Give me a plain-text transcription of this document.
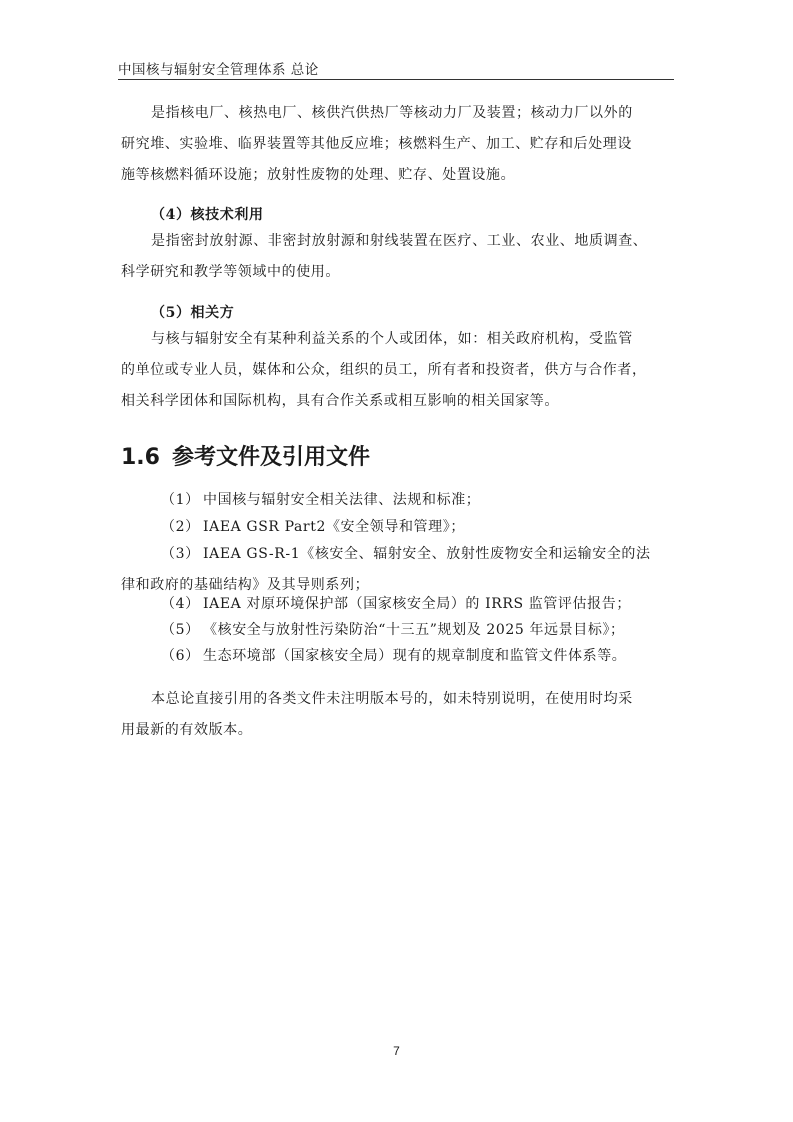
中国核与辐射安全管理体系 总论

是指核电厂、核热电厂、核供汽供热厂等核动力厂及装置；核动力厂以外的
研究堆、实验堆、临界装置等其他反应堆；核燃料生产、加工、贮存和后处理设
施等核燃料循环设施；放射性废物的处理、贮存、处置设施。

（4）核技术利用

是指密封放射源、非密封放射源和射线装置在医疗、工业、农业、地质调查、
科学研究和教学等领域中的使用。

（5）相关方

与核与辐射安全有某种利益关系的个人或团体，如：相关政府机构，受监管
的单位或专业人员，媒体和公众，组织的员工，所有者和投资者，供方与合作者，
相关科学团体和国际机构，具有合作关系或相互影响的相关国家等。

1.6 参考文件及引用文件
（1） 中国核与辐射安全相关法律、法规和标准；
（2） IAEA GSR Part2《安全领导和管理》；
（3） IAEA GS-R-1《核安全、辐射安全、放射性废物安全和运输安全的法
律和政府的基础结构》及其导则系列；
（4） IAEA 对原环境保护部（国家核安全局）的 IRRS 监管评估报告；
（5） 《核安全与放射性污染防治“十三五”规划及 2025 年远景目标》；
（6） 生态环境部（国家核安全局）现有的规章制度和监管文件体系等。

本总论直接引用的各类文件未注明版本号的，如未特别说明，在使用时均采
用最新的有效版本。

7
